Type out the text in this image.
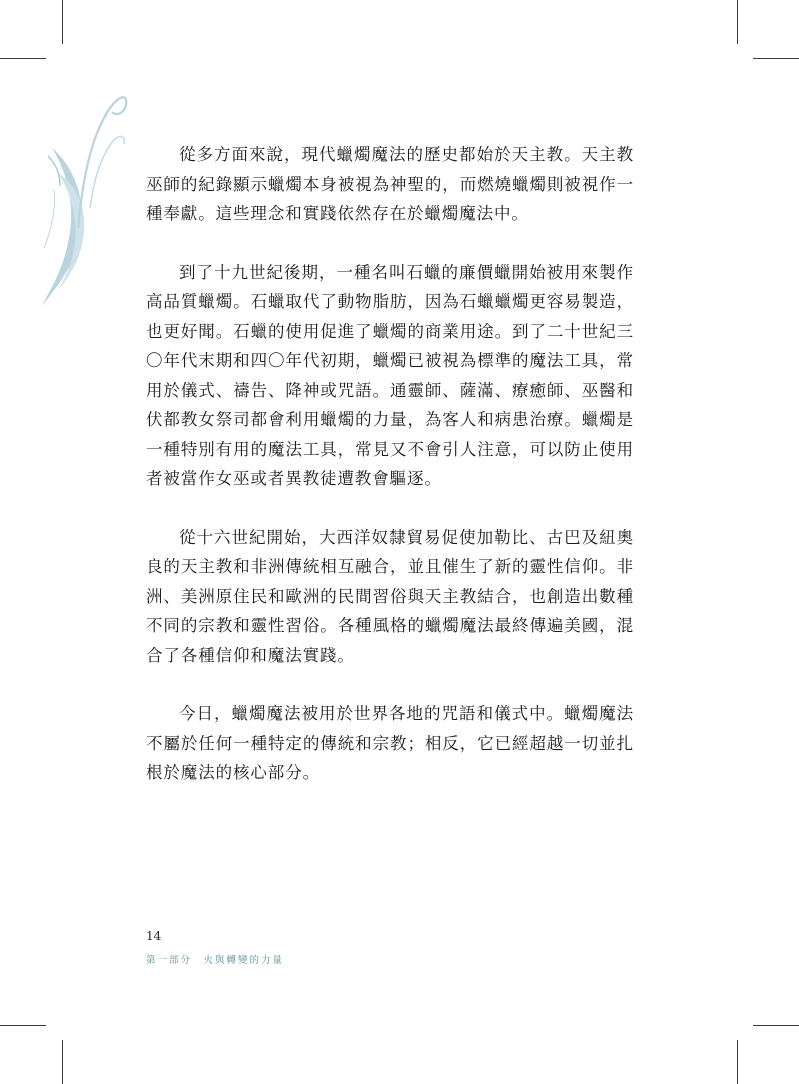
從多方面來說，現代蠟燭魔法的歷史都始於天主教。天主教巫師的紀錄顯示蠟燭本身被視為神聖的，而燃燒蠟燭則被視作一種奉獻。這些理念和實踐依然存在於蠟燭魔法中。

到了十九世紀後期，一種名叫石蠟的廉價蠟開始被用來製作高品質蠟燭。石蠟取代了動物脂肪，因為石蠟蠟燭更容易製造，也更好聞。石蠟的使用促進了蠟燭的商業用途。到了二十世紀三〇年代末期和四〇年代初期，蠟燭已被視為標準的魔法工具，常用於儀式、禱告、降神或咒語。通靈師、薩滿、療癒師、巫醫和伏都教女祭司都會利用蠟燭的力量，為客人和病患治療。蠟燭是一種特別有用的魔法工具，常見又不會引人注意，可以防止使用者被當作女巫或者異教徒遭教會驅逐。

從十六世紀開始，大西洋奴隸貿易促使加勒比、古巴及紐奧良的天主教和非洲傳統相互融合，並且催生了新的靈性信仰。非洲、美洲原住民和歐洲的民間習俗與天主教結合，也創造出數種不同的宗教和靈性習俗。各種風格的蠟燭魔法最終傳遍美國，混合了各種信仰和魔法實踐。

今日，蠟燭魔法被用於世界各地的咒語和儀式中。蠟燭魔法不屬於任何一種特定的傳統和宗教；相反，它已經超越一切並扎根於魔法的核心部分。

14
第一部分　火與轉變的力量
